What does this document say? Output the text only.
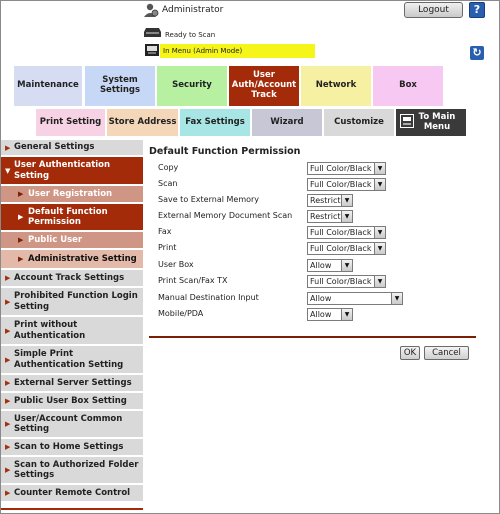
Administrator	Logout	?
Ready to Scan
In Menu (Admin Mode)	↻
Maintenance	System Settings	Security
User Auth/Account Track
Network	Box
Print Setting Store Address Fax Settings	Wizard	Customize	To Main Menu
▶ General Settings
▼ User Authentication Setting
▶ User Registration
▶ Default Function Permission
▶ Public User
▶ Administrative Setting
▶ Account Track Settings
▶ Prohibited Function Login Setting
▶ Print without Authentication
▶ Simple Print Authentication Setting
▶ External Server Settings
▶ Public User Box Setting
▶ User/Account Common Setting
▶ Scan to Home Settings
▶ Scan to Authorized Folder Settings
▶ Counter Remote Control
Default Function Permission
Copy	Full Color/Black	▼
Scan	Full Color/Black	▼
Save to External Memory	Restrict ▼
External Memory Document Scan	Restrict ▼
Fax	Full Color/Black	▼
Print	Full Color/Black	▼
User Box	Allow	▼
Print Scan/Fax TX	Full Color/Black	▼
Manual Destination Input	Allow	▼
Mobile/PDA	Allow	▼
OK	Cancel
